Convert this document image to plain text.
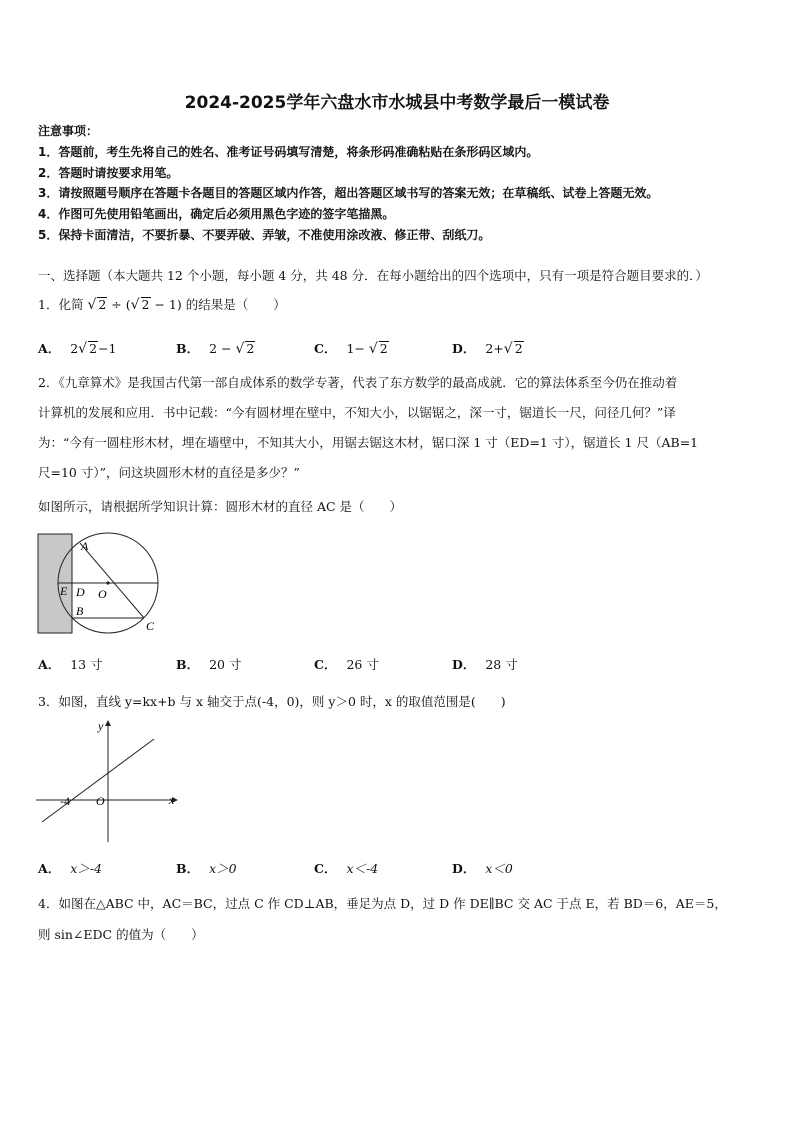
2024-2025学年六盘水市水城县中考数学最后一模试卷
注意事项：
1．答题前，考生先将自己的姓名、准考证号码填写清楚，将条形码准确粘贴在条形码区域内。
2．答题时请按要求用笔。
3．请按照题号顺序在答题卡各题目的答题区域内作答，超出答题区域书写的答案无效；在草稿纸、试卷上答题无效。
4．作图可先使用铅笔画出，确定后必须用黑色字迹的签字笔描黑。
5．保持卡面清洁，不要折暴、不要弄破、弄皱，不准使用涂改液、修正带、刮纸刀。
一、选择题（本大题共 12 个小题，每小题 4 分，共 48 分．在每小题给出的四个选项中，只有一项是符合题目要求的．）
1．化简 √ 2 ÷ (√ 2 − 1) 的结果是（　　）
A． 2√ 2−1	B． 2 − √ 2	C． 1− √ 2	D． 2+√ 2
2．《九章算术》是我国古代第一部自成体系的数学专著，代表了东方数学的最高成就．它的算法体系至今仍在推动着
计算机的发展和应用．书中记载：“今有圆材埋在壁中，不知大小，以锯锯之，深一寸，锯道长一尺，问径几何？”译
为：“今有一圆柱形木材，埋在墙壁中，不知其大小，用锯去锯这木材，锯口深 1 寸（ED=1 寸），锯道长 1 尺（AB=1
尺=10 寸）”，问这块圆形木材的直径是多少？”
如图所示，请根据所学知识计算：圆形木材的直径 AC 是（　　）
A
D O
E
B
C
A． 13 寸	B． 20 寸	C． 26 寸	D． 28 寸
3．如图，直线 y=kx+b 与 x 轴交于点(-4，0)，则 y＞0 时，x 的取值范围是(　　)
y
x
-4 O
A． x＞-4	B． x＞0	C． x＜-4	D． x＜0
4．如图在△ABC 中，AC＝BC，过点 C 作 CD⊥AB，垂足为点 D，过 D 作 DE∥BC 交 AC 于点 E，若 BD＝6，AE＝5，
则 sin∠EDC 的值为（　　）
